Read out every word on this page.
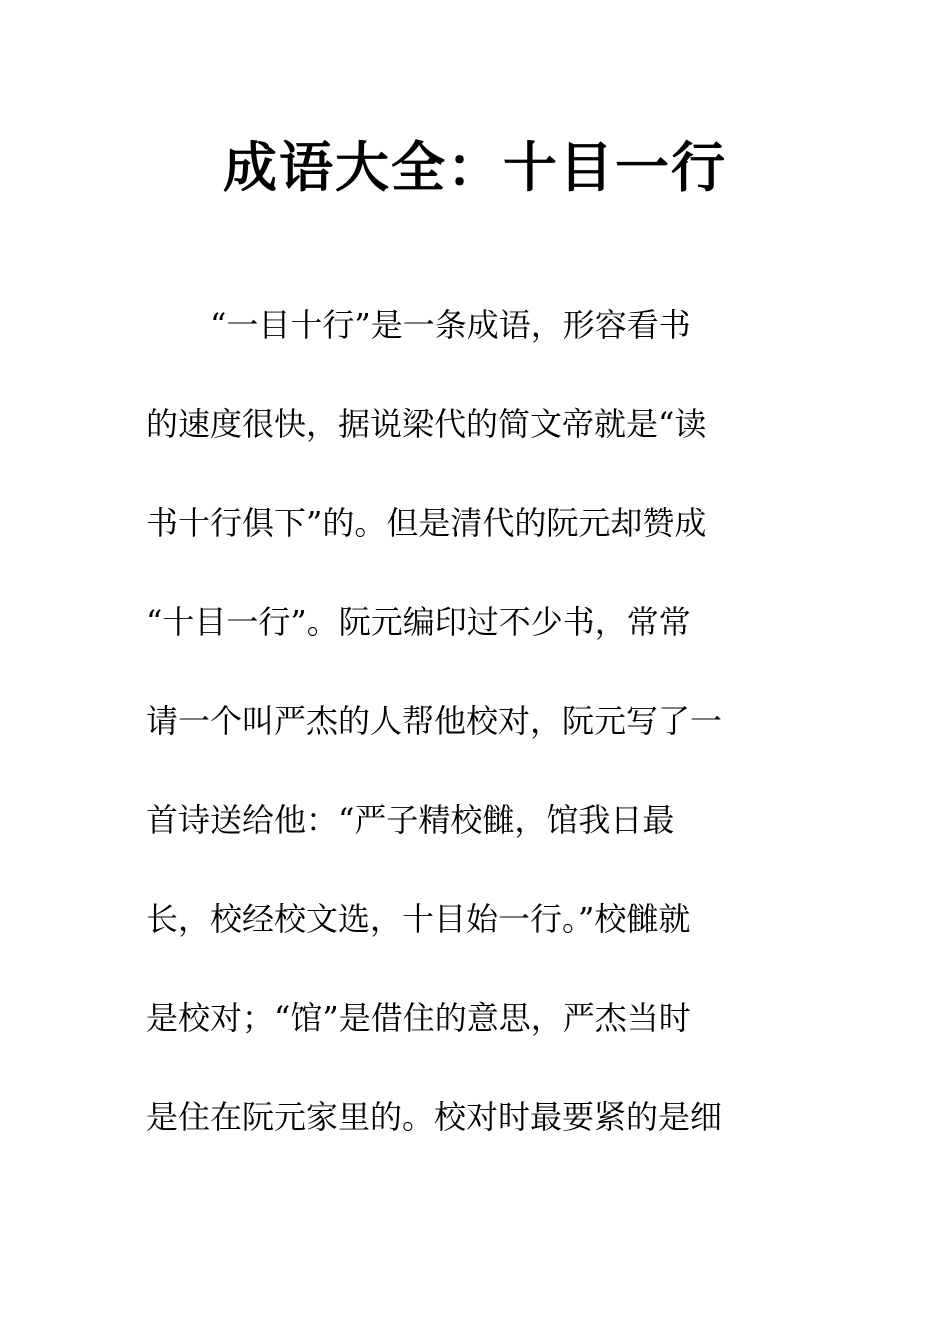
成语大全：十目一行
　　“一目十行”是一条成语，形容看书
的速度很快，据说梁代的简文帝就是“读
书十行俱下”的。但是清代的阮元却赞成
“十目一行”。阮元编印过不少书，常常
请一个叫严杰的人帮他校对，阮元写了一
首诗送给他：“严子精校雠，馆我日最
长，校经校文选，十目始一行。”校雠就
是校对；“馆”是借住的意思，严杰当时
是住在阮元家里的。校对时最要紧的是细
